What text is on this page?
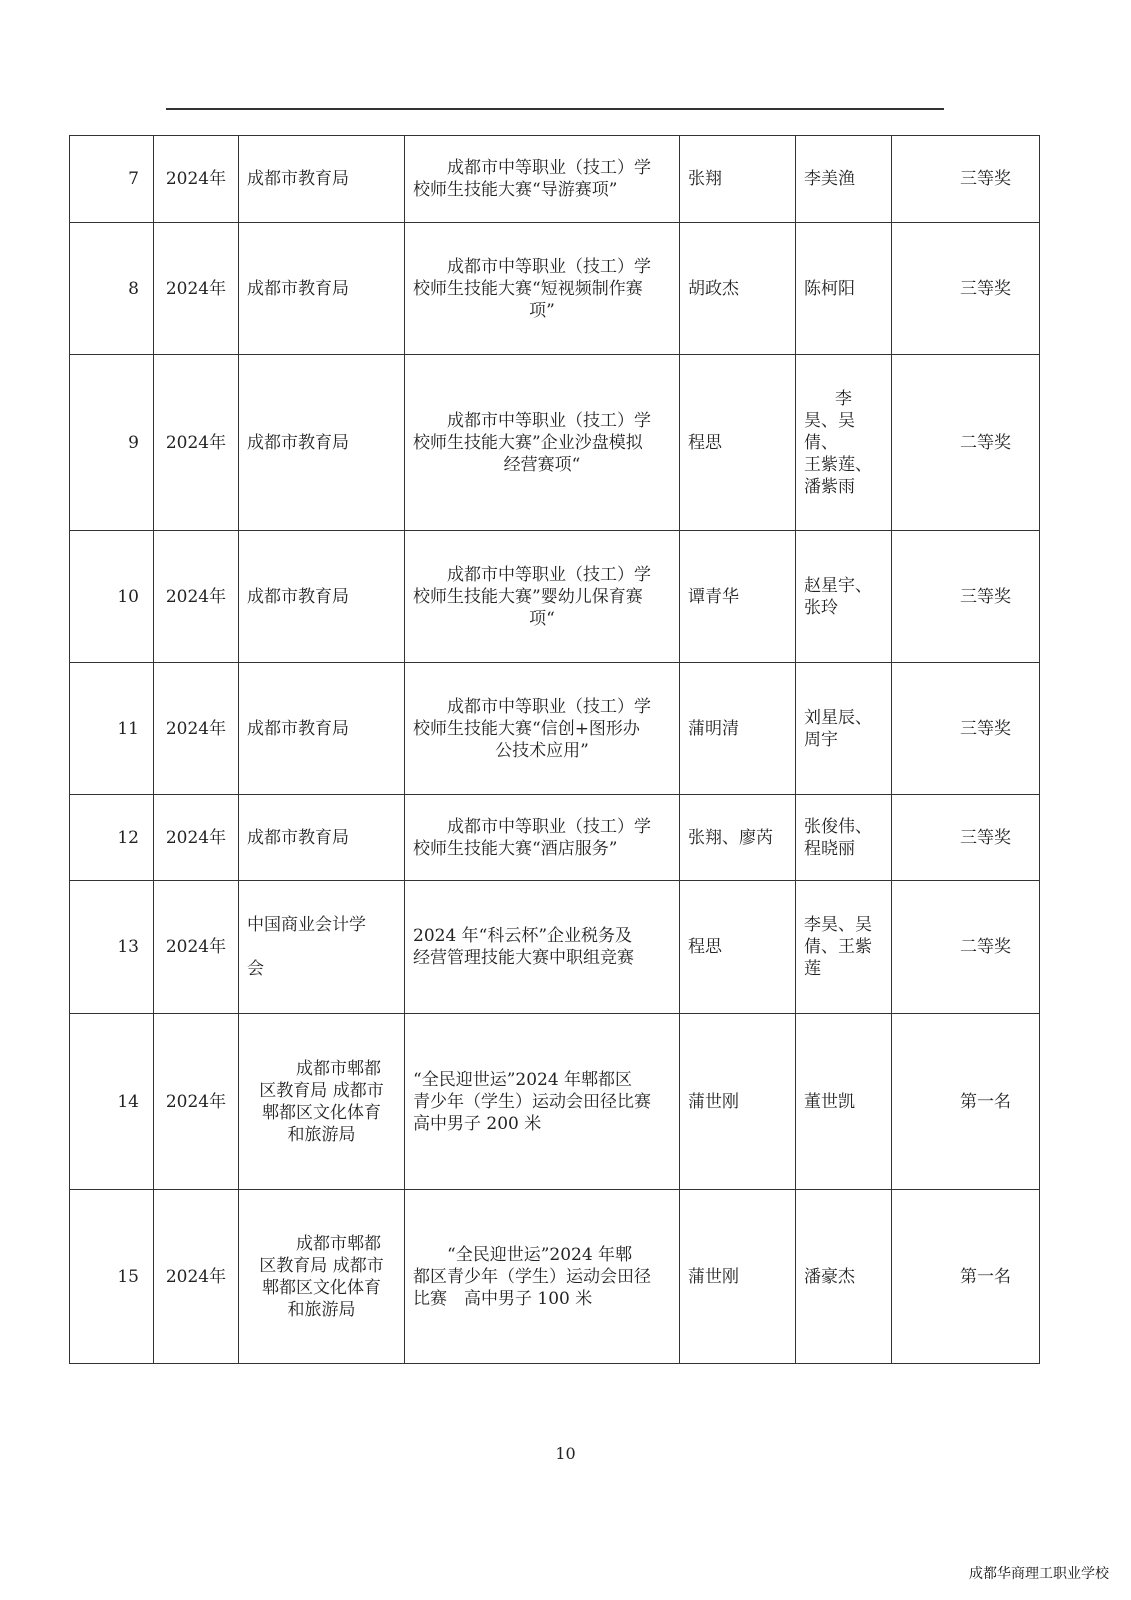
7	2024年	成都市教育局	成都市中等职业（技工）学
校师生技能大赛“导游赛项”	张翔	李美渔	三等奖
8	2024年	成都市教育局	成都市中等职业（技工）学
校师生技能大赛“短视频制作赛
项”	胡政杰	陈柯阳	三等奖
9	2024年	成都市教育局	成都市中等职业（技工）学
校师生技能大赛”企业沙盘模拟
经营赛项“	程思	李
昊、吴倩、
王紫莲、
潘紫雨	二等奖
10	2024年	成都市教育局	成都市中等职业（技工）学
校师生技能大赛”婴幼儿保育赛
项“	谭青华	赵星宇、
张玲	三等奖
11	2024年	成都市教育局	成都市中等职业（技工）学
校师生技能大赛“信创+图形办
公技术应用”	蒲明清	刘星辰、
周宇	三等奖
12	2024年	成都市教育局	成都市中等职业（技工）学
校师生技能大赛“酒店服务”	张翔、廖芮	张俊伟、
程晓丽	三等奖
13	2024年	中国商业会计学
会	2024 年“科云杯”企业税务及
经营管理技能大赛中职组竞赛	程思	李昊、吴
倩、王紫
莲	二等奖
14	2024年	成都市郫都
区教育局 成都市
郫都区文化体育
和旅游局	“全民迎世运”2024 年郫都区
青少年（学生）运动会田径比赛
高中男子 200 米	蒲世刚	董世凯	第一名
15	2024年	成都市郫都
区教育局 成都市
郫都区文化体育
和旅游局	“全民迎世运”2024 年郫
都区青少年（学生）运动会田径
比赛　高中男子 100 米	蒲世刚	潘豪杰	第一名
10
成都华商理工职业学校
